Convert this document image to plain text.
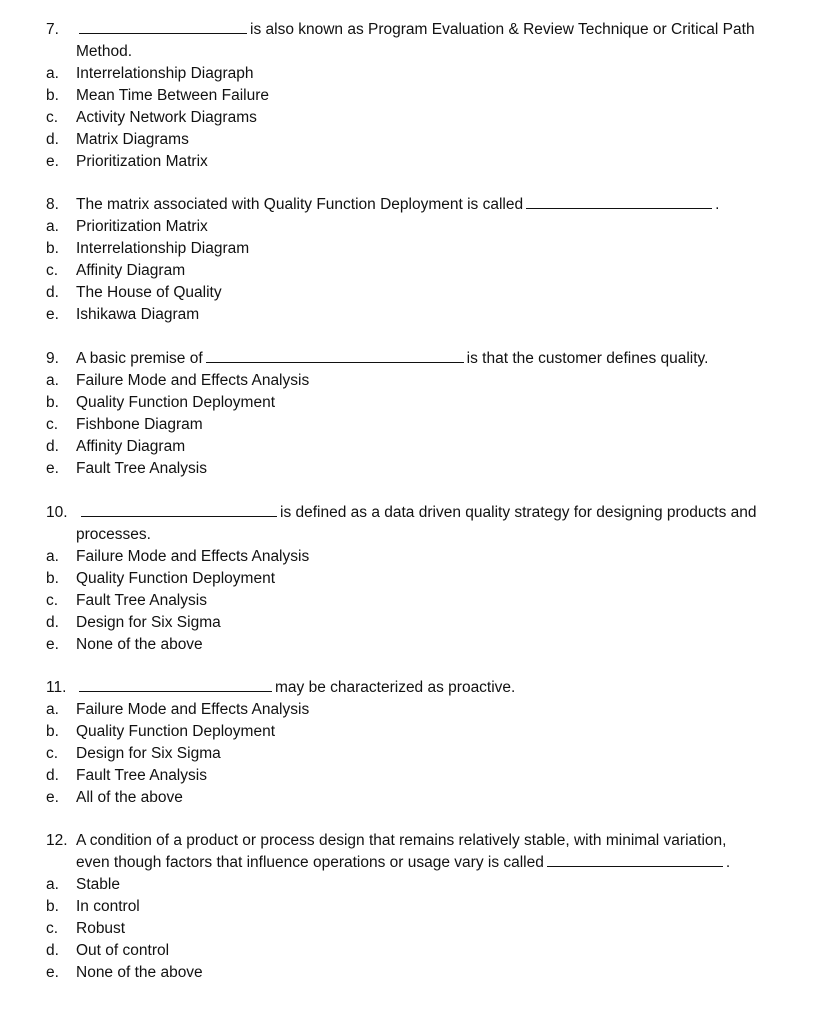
7.	is also known as Program Evaluation & Review Technique or Critical Path
Method.
a.	Interrelationship Diagraph
b.	Mean Time Between Failure
c.	Activity Network Diagrams
d.	Matrix Diagrams
e.	Prioritization Matrix
8.	The matrix associated with Quality Function Deployment is called	.
a.	Prioritization Matrix
b.	Interrelationship Diagram
c.	Affinity Diagram
d.	The House of Quality
e.	Ishikawa Diagram
9.	A basic premise of	is that the customer defines quality.
a.	Failure Mode and Effects Analysis
b.	Quality Function Deployment
c.	Fishbone Diagram
d.	Affinity Diagram
e.	Fault Tree Analysis
10.	is defined as a data driven quality strategy for designing products and
processes.
a.	Failure Mode and Effects Analysis
b.	Quality Function Deployment
c.	Fault Tree Analysis
d.	Design for Six Sigma
e.	None of the above
11.	may be characterized as proactive.
a.	Failure Mode and Effects Analysis
b.	Quality Function Deployment
c.	Design for Six Sigma
d.	Fault Tree Analysis
e.	All of the above
12. A condition of a product or process design that remains relatively stable, with minimal variation,
even though factors that influence operations or usage vary is called	.
a.	Stable
b.	In control
c.	Robust
d.	Out of control
e.	None of the above
